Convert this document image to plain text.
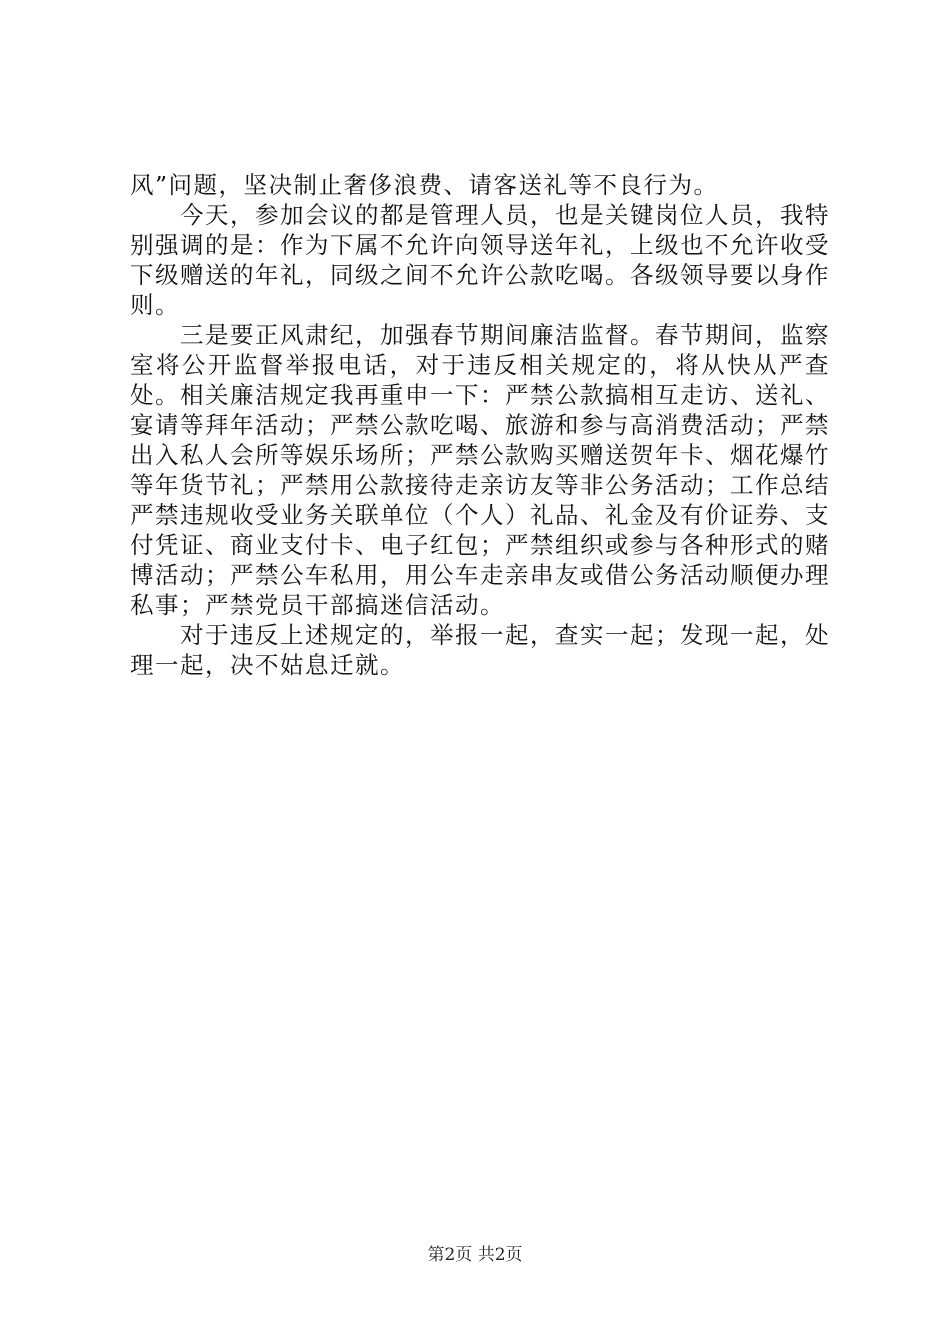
风”问题，坚决制止奢侈浪费、请客送礼等不良行为。

今天，参加会议的都是管理人员，也是关键岗位人员，我特别强调的是：作为下属不允许向领导送年礼，上级也不允许收受下级赠送的年礼，同级之间不允许公款吃喝。各级领导要以身作则。

三是要正风肃纪，加强春节期间廉洁监督。春节期间，监察室将公开监督举报电话，对于违反相关规定的，将从快从严查处。相关廉洁规定我再重申一下：严禁公款搞相互走访、送礼、宴请等拜年活动；严禁公款吃喝、旅游和参与高消费活动；严禁出入私人会所等娱乐场所；严禁公款购买赠送贺年卡、烟花爆竹等年货节礼；严禁用公款接待走亲访友等非公务活动；工作总结严禁违规收受业务关联单位（个人）礼品、礼金及有价证券、支付凭证、商业支付卡、电子红包；严禁组织或参与各种形式的赌博活动；严禁公车私用，用公车走亲串友或借公务活动顺便办理私事；严禁党员干部搞迷信活动。

对于违反上述规定的，举报一起，查实一起；发现一起，处理一起，决不姑息迁就。

第2页 共2页
